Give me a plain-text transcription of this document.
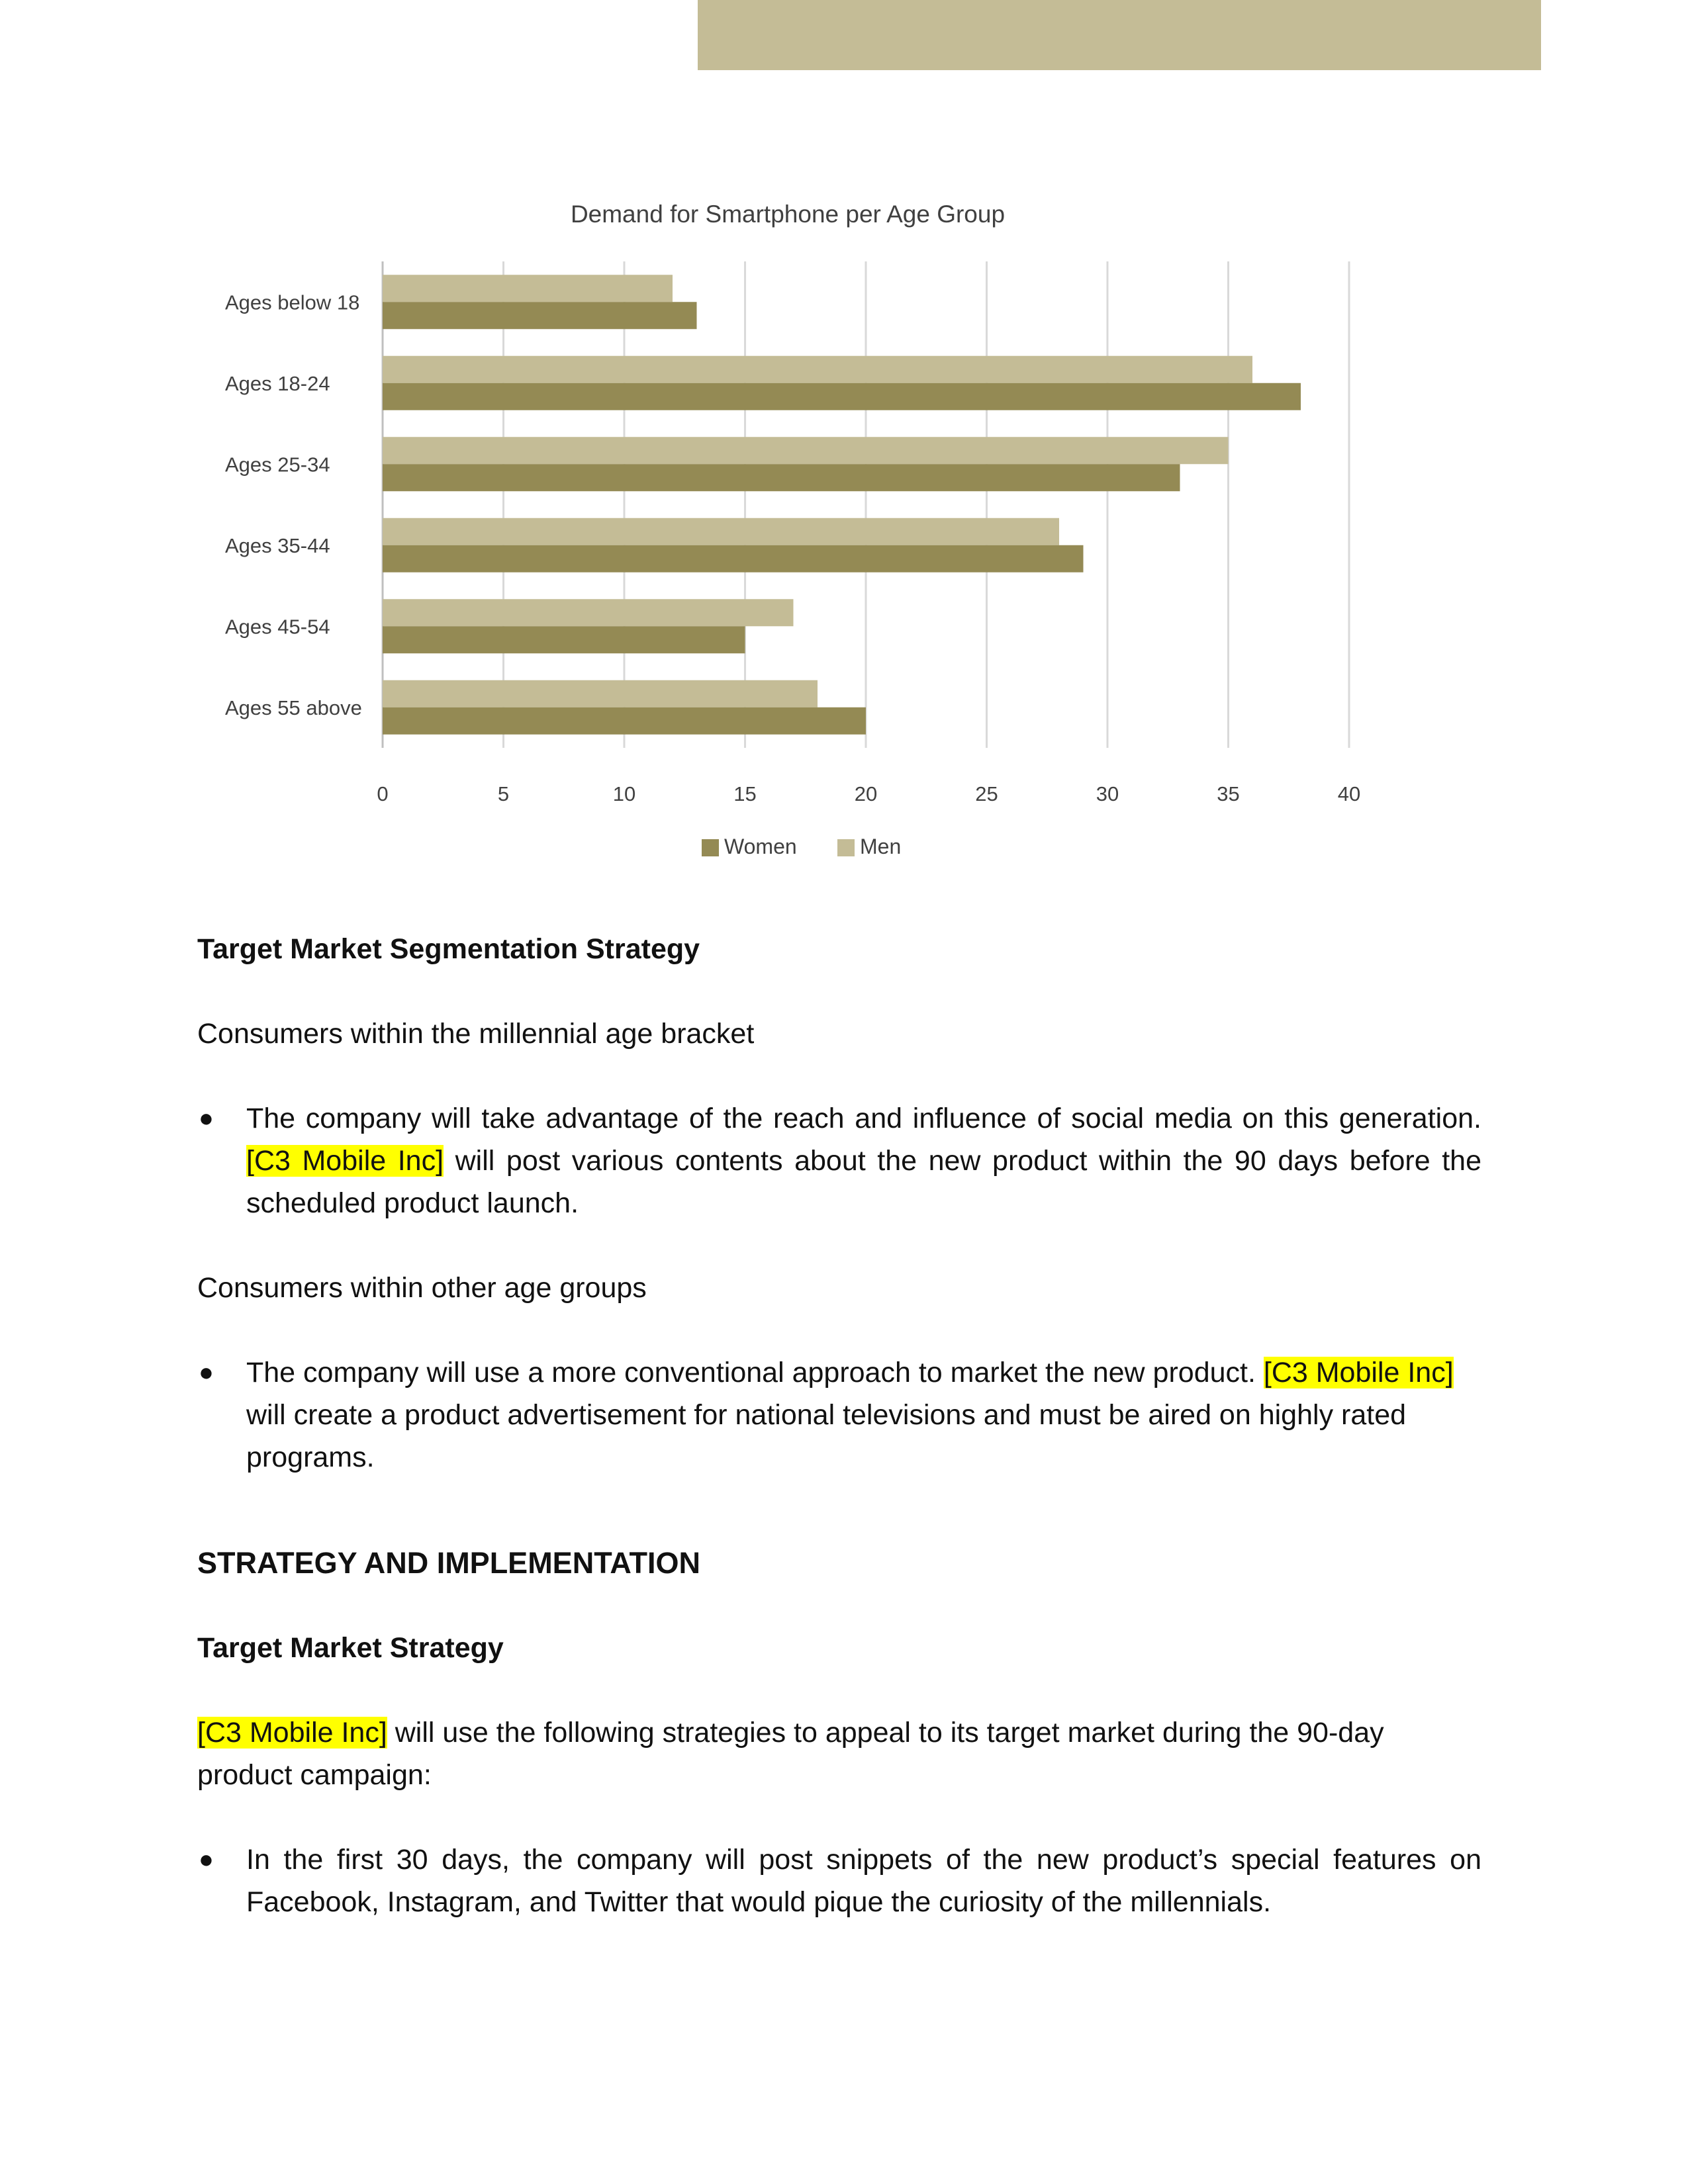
0	5	10	15	20	25	30	35	40
Ages below 18
Ages 18-24
Ages 25-34
Ages 35-44
Ages 45-54
Ages 55 above
Women	Men
Demand for Smartphone per Age Group

Target Market Segmentation Strategy

Consumers within the millennial age bracket

● The company will take advantage of the reach and influence of social media on this generation. [C3 Mobile Inc] will post various contents about the new product within the 90 days before the scheduled product launch.

Consumers within other age groups

● The company will use a more conventional approach to market the new product. [C3 Mobile Inc] will create a product advertisement for national televisions and must be aired on highly rated programs.

STRATEGY AND IMPLEMENTATION

Target Market Strategy

[C3 Mobile Inc] will use the following strategies to appeal to its target market during the 90-day product campaign:

● In the first 30 days, the company will post snippets of the new product’s special features on Facebook, Instagram, and Twitter that would pique the curiosity of the millennials.
